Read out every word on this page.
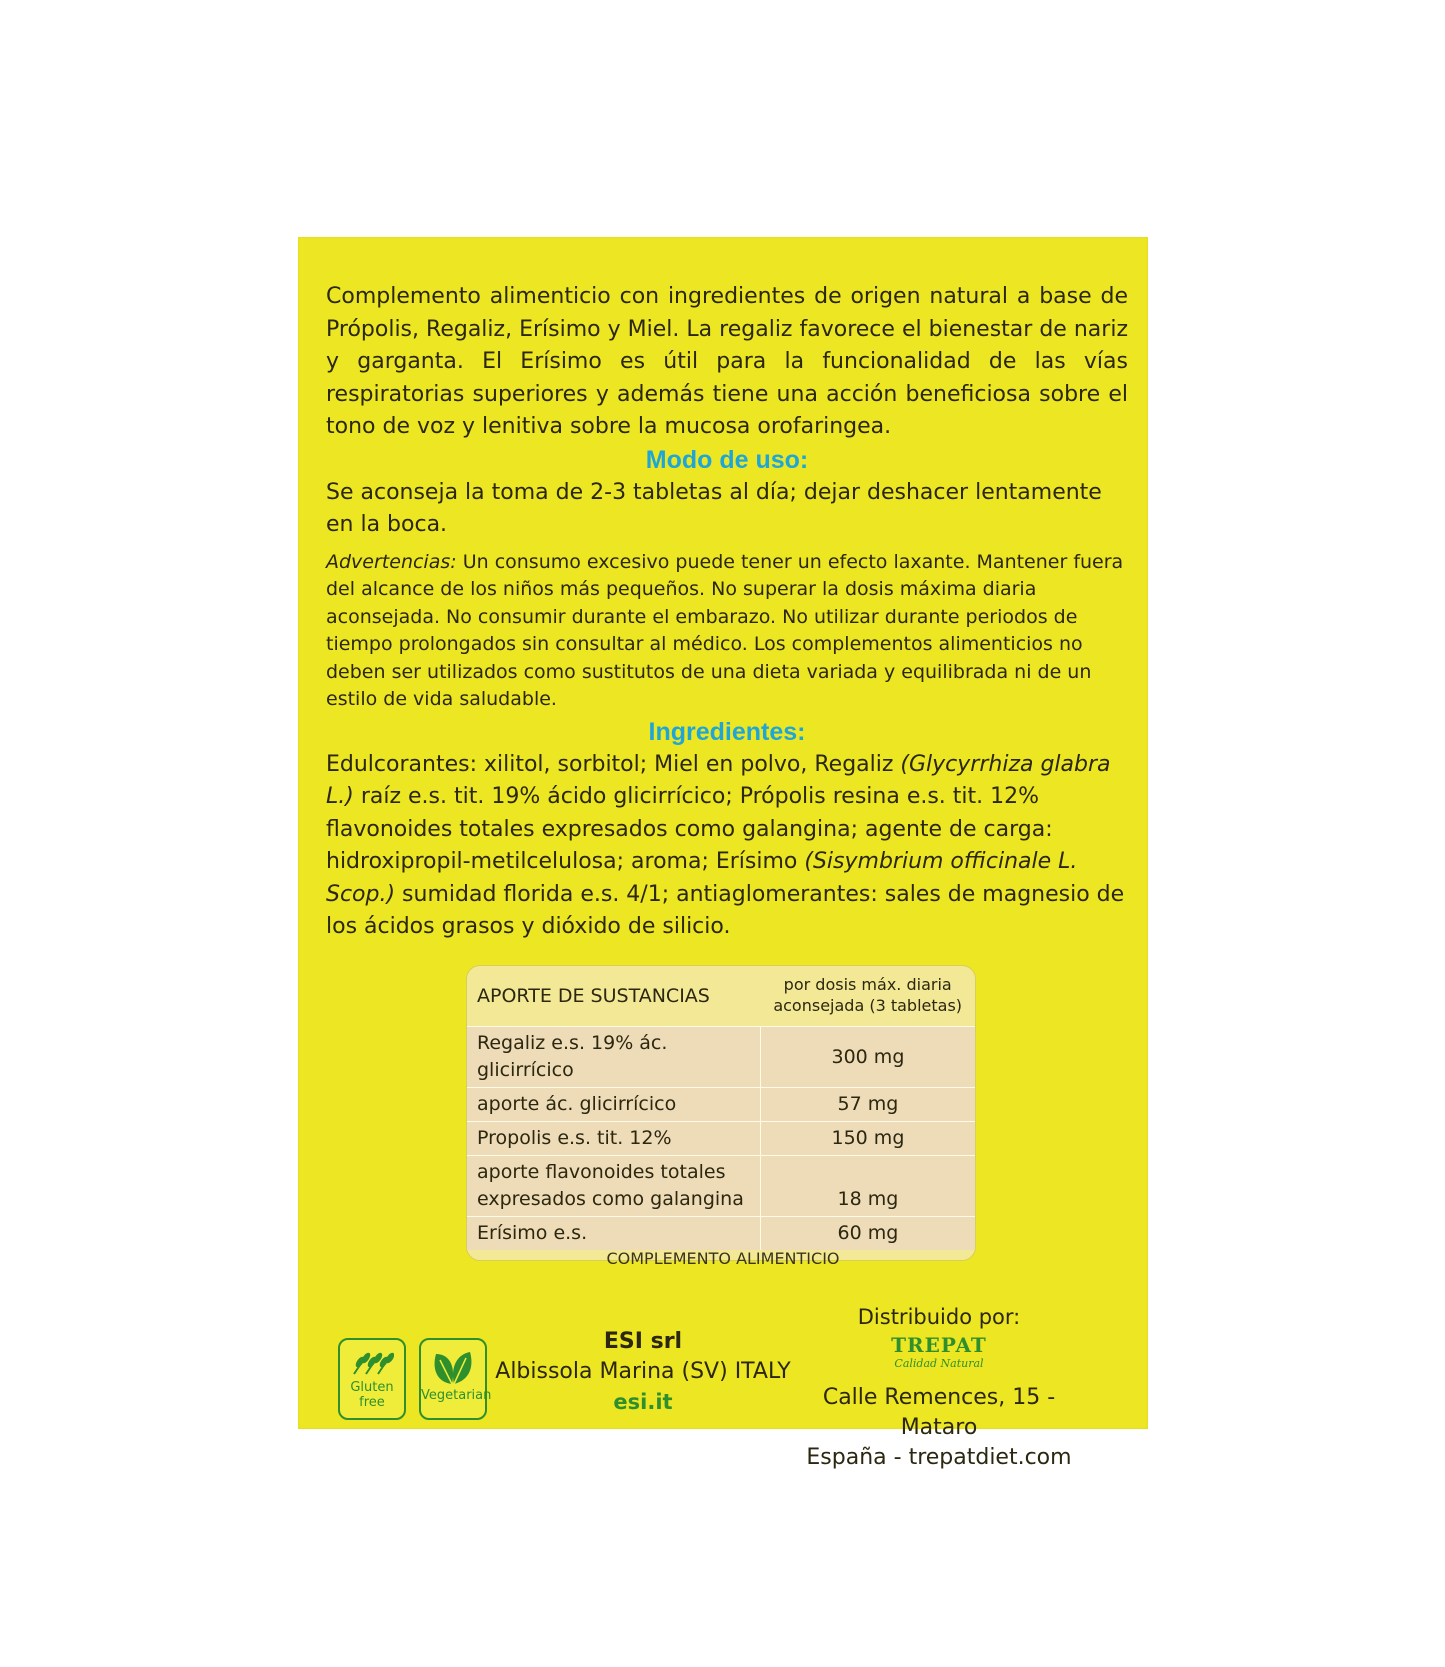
Complemento alimenticio con ingredientes de origen natural a base de Própolis, Regaliz, Erísimo y Miel. La regaliz favorece el bienestar de nariz y garganta. El Erísimo es útil para la funcionalidad de las vías respiratorias superiores y además tiene una acción beneficiosa sobre el tono de voz y lenitiva sobre la mucosa orofaringea.

Modo de uso:

Se aconseja la toma de 2-3 tabletas al día; dejar deshacer lentamente en la boca.

Advertencias: Un consumo excesivo puede tener un efecto laxante. Mantener fuera del alcance de los niños más pequeños. No superar la dosis máxima diaria aconsejada. No consumir durante el embarazo. No utilizar durante periodos de tiempo prolongados sin consultar al médico. Los complementos alimenticios no deben ser utilizados como sustitutos de una dieta variada y equilibrada ni de un estilo de vida saludable.

Ingredientes:

Edulcorantes: xilitol, sorbitol; Miel en polvo, Regaliz (Glycyrrhiza glabra L.) raíz e.s. tit. 19% ácido glicirrícico; Própolis resina e.s. tit. 12% flavonoides totales expresados como galangina; agente de carga: hidroxipropil-metilcelulosa; aroma; Erísimo (Sisymbrium officinale L. Scop.) sumidad florida e.s. 4/1; antiaglomerantes: sales de magnesio de los ácidos grasos y dióxido de silicio.

APORTE DE SUSTANCIAS	por dosis máx. diaria aconsejada (3 tabletas)
Regaliz e.s. 19% ác. glicirrícico	300 mg
aporte ác. glicirrícico	57 mg
Propolis e.s. tit. 12%	150 mg
aporte flavonoides totales expresados como galangina	18 mg
Erísimo e.s.	60 mg
COMPLEMENTO ALIMENTICIO
Gluten
free	Vegetarian
ESI srl
Albissola Marina (SV) ITALY
esi.it
Distribuido por:
TREPAT
Calidad Natural
Calle Remences, 15 - Mataro
España - trepatdiet.com
